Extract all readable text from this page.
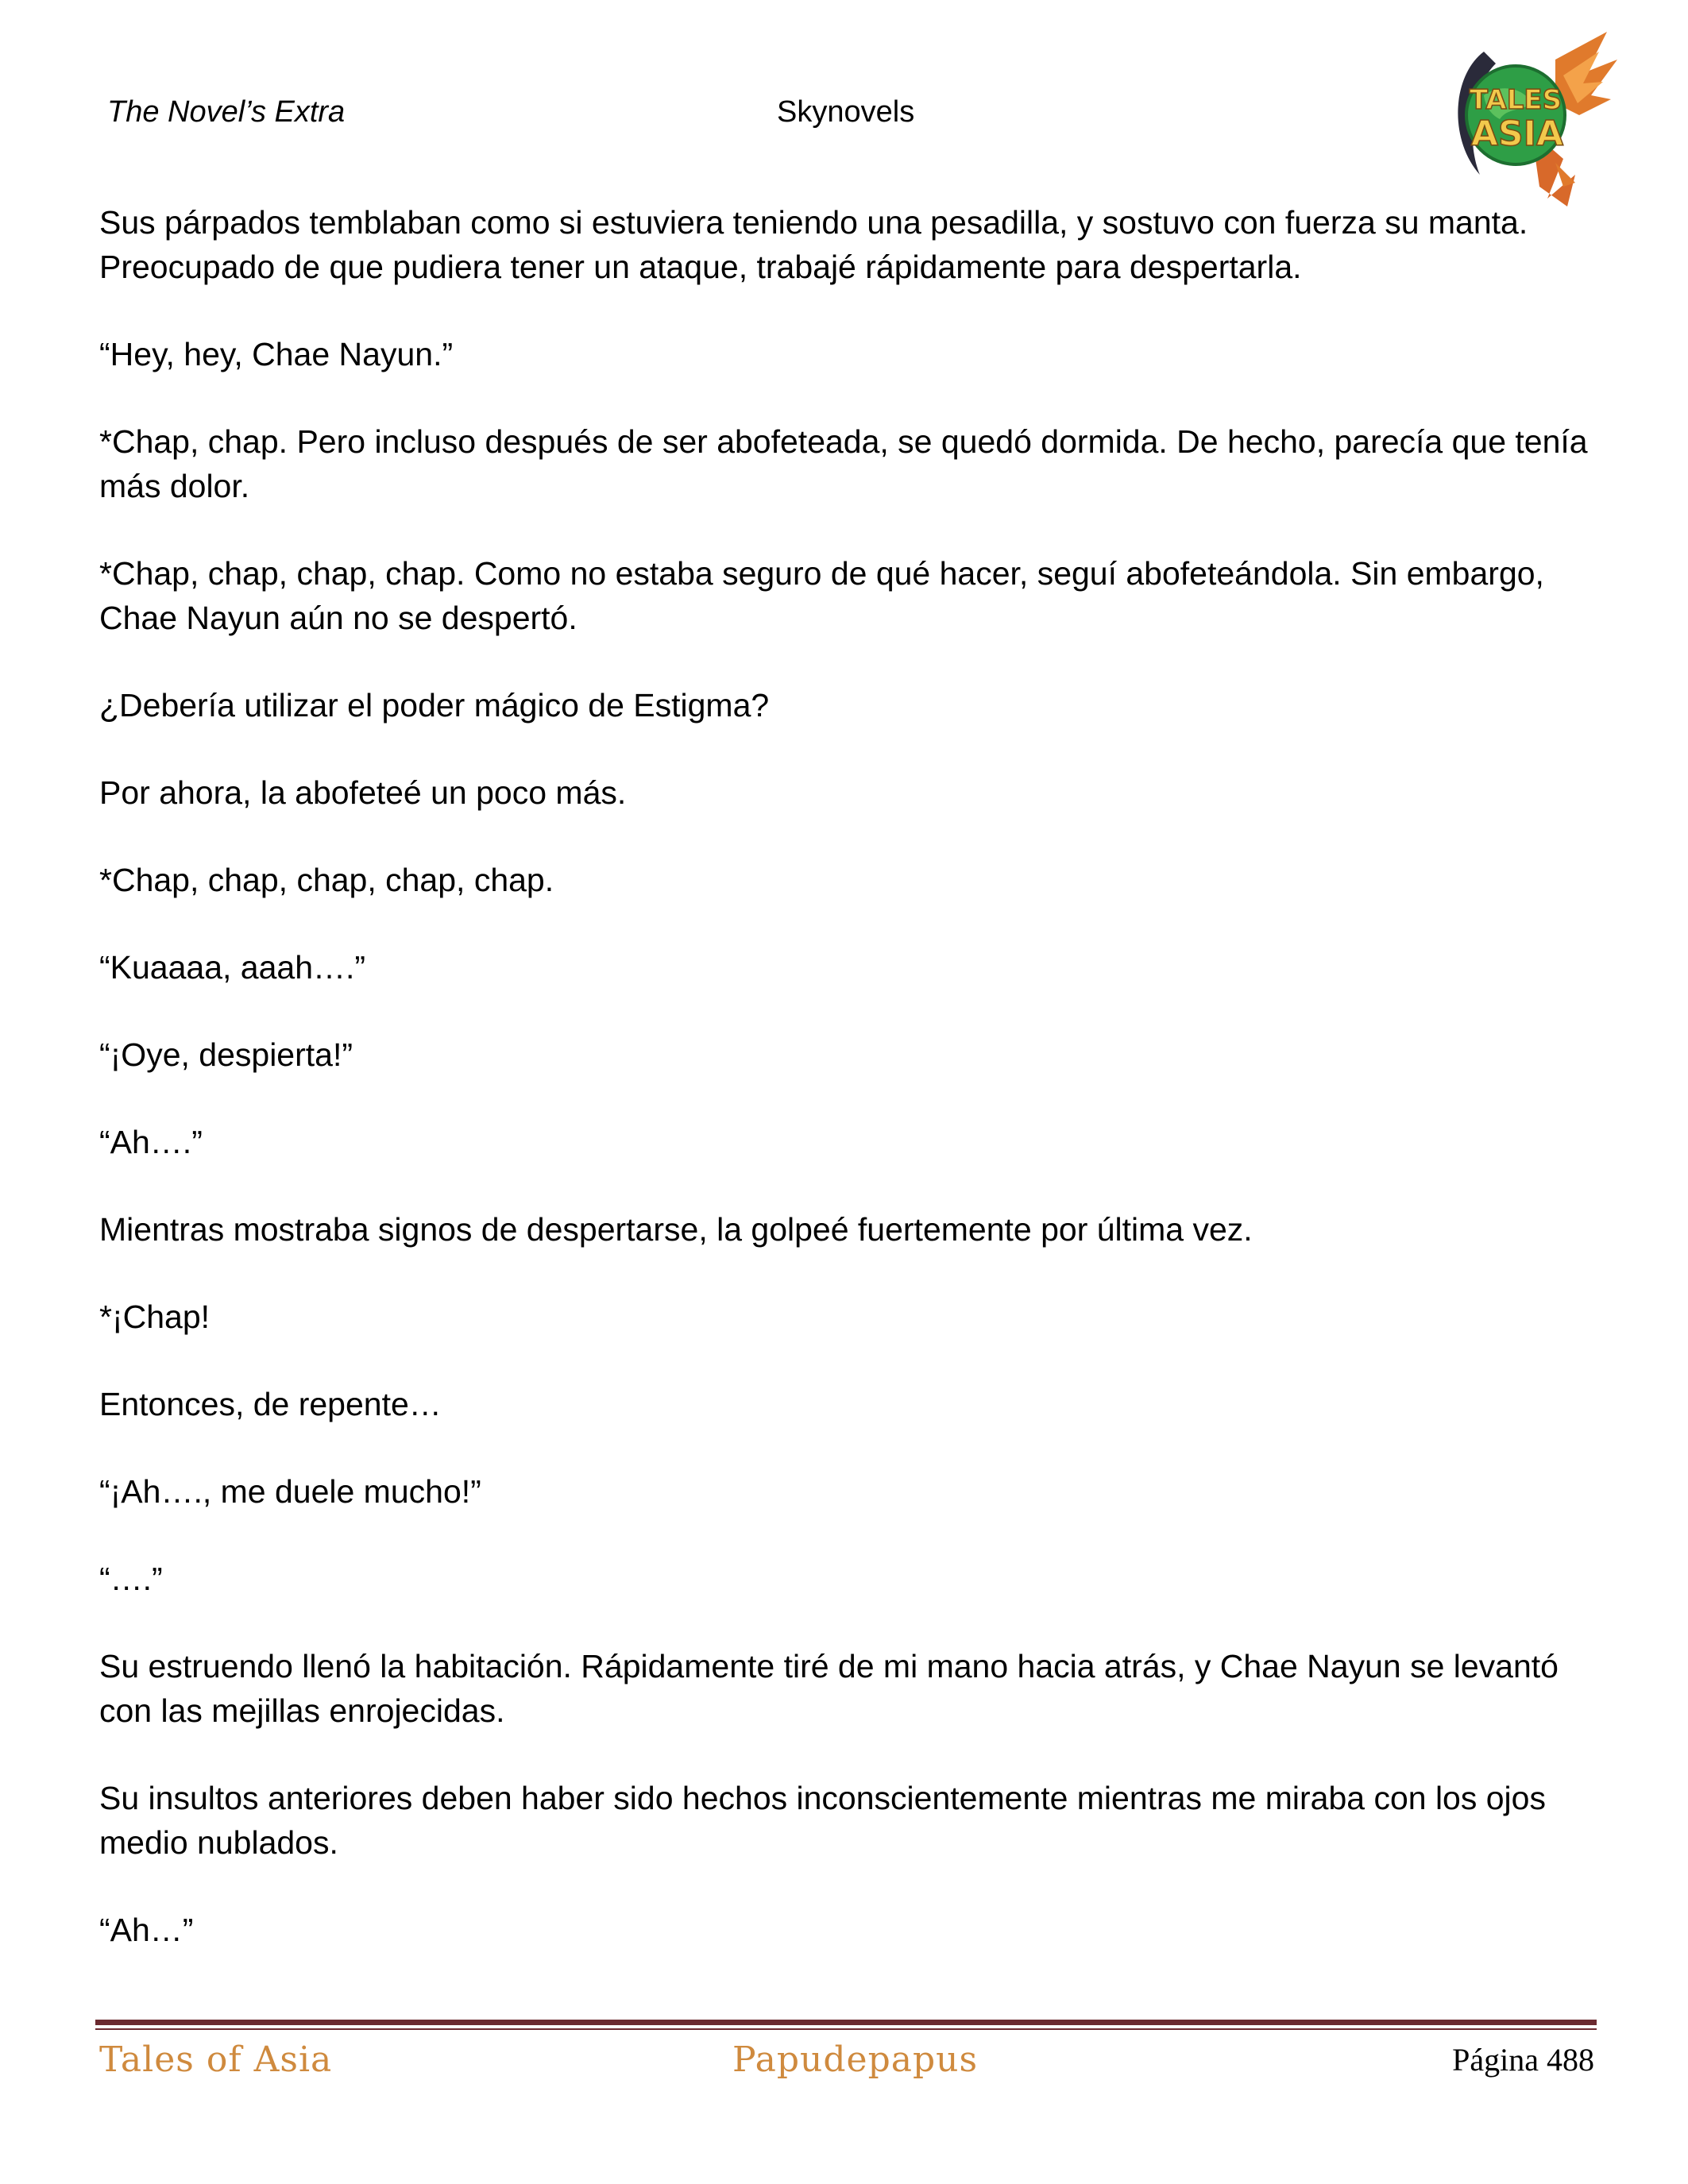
The Novel’s Extra	Skynovels	TALES
ASIA

Sus párpados temblaban como si estuviera teniendo una pesadilla, y sostuvo con fuerza su manta. Preocupado de que pudiera tener un ataque, trabajé rápidamente para despertarla.

“Hey, hey, Chae Nayun.”

*Chap, chap. Pero incluso después de ser abofeteada, se quedó dormida. De hecho, parecía que tenía más dolor.

*Chap, chap, chap, chap. Como no estaba seguro de qué hacer, seguí abofeteándola. Sin embargo, Chae Nayun aún no se despertó.

¿Debería utilizar el poder mágico de Estigma?

Por ahora, la abofeteé un poco más.

*Chap, chap, chap, chap, chap.

“Kuaaaa, aaah….”

“¡Oye, despierta!”

“Ah….”

Mientras mostraba signos de despertarse, la golpeé fuertemente por última vez.

*¡Chap!

Entonces, de repente…

“¡Ah…., me duele mucho!”

“….”

Su estruendo llenó la habitación. Rápidamente tiré de mi mano hacia atrás, y Chae Nayun se levantó con las mejillas enrojecidas.

Su insultos anteriores deben haber sido hechos inconscientemente mientras me miraba con los ojos medio nublados.

“Ah…”

Tales of Asia	Papudepapus	Página 488
